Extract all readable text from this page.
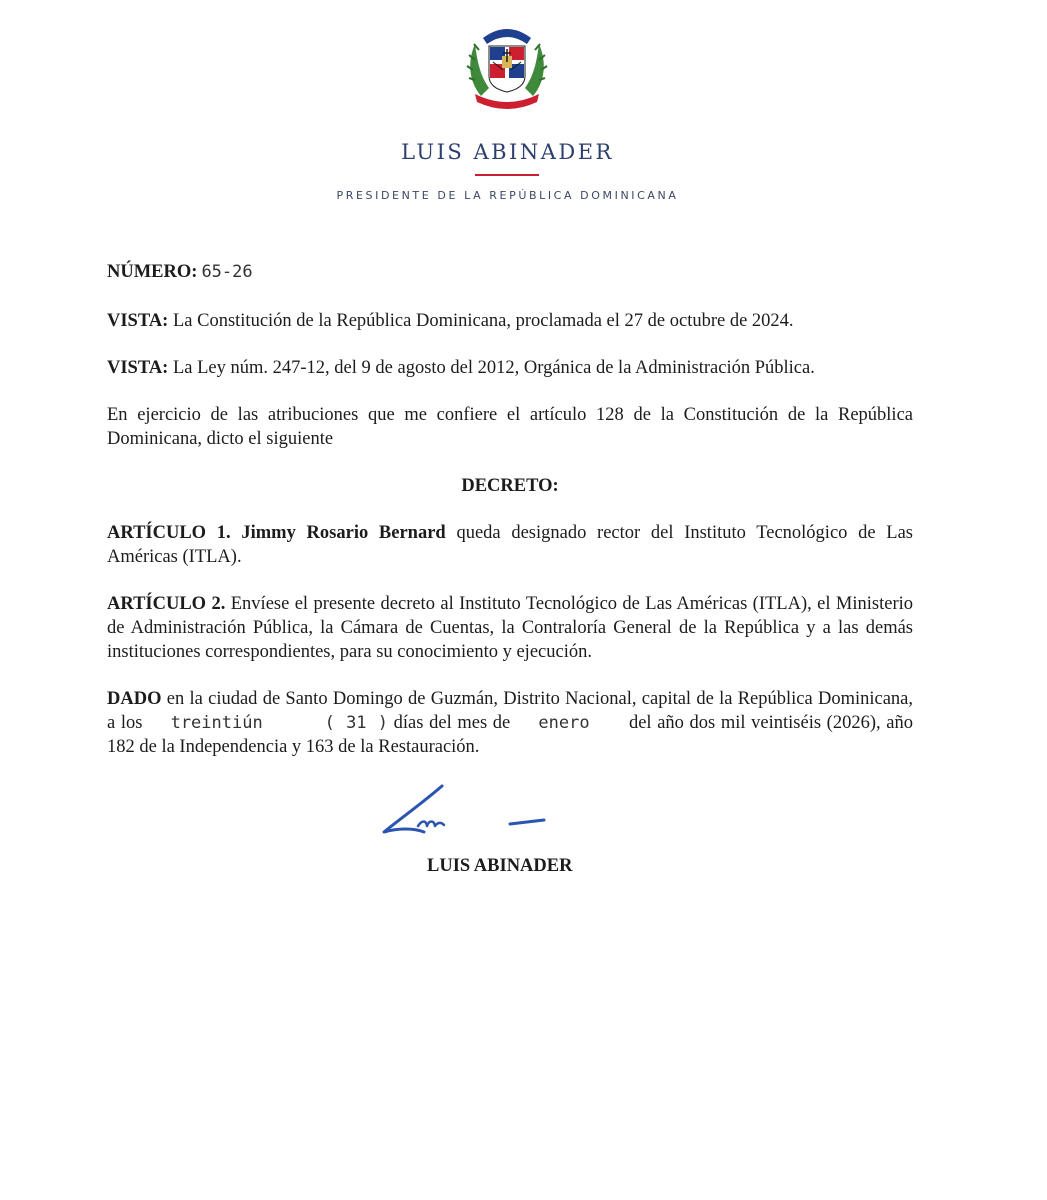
LUIS ABINADER
PRESIDENTE DE LA REPÚBLICA DOMINICANA

NÚMERO: 65-26

VISTA: La Constitución de la República Dominicana, proclamada el 27 de octubre de 2024.

VISTA: La Ley núm. 247-12, del 9 de agosto del 2012, Orgánica de la Administración Pública.

En ejercicio de las atribuciones que me confiere el artículo 128 de la Constitución de la República Dominicana, dicto el siguiente

DECRETO:

ARTÍCULO 1. Jimmy Rosario Bernard queda designado rector del Instituto Tecnológico de Las Américas (ITLA).

ARTÍCULO 2. Envíese el presente decreto al Instituto Tecnológico de Las Américas (ITLA), el Ministerio de Administración Pública, la Cámara de Cuentas, la Contraloría General de la República y a las demás instituciones correspondientes, para su conocimiento y ejecución.

DADO en la ciudad de Santo Domingo de Guzmán, Distrito Nacional, capital de la República Dominicana, a los treintiún	( 31 ) días del mes de enero del año dos mil veintiséis (2026), año 182 de la Independencia y 163 de la Restauración.

LUIS ABINADER
